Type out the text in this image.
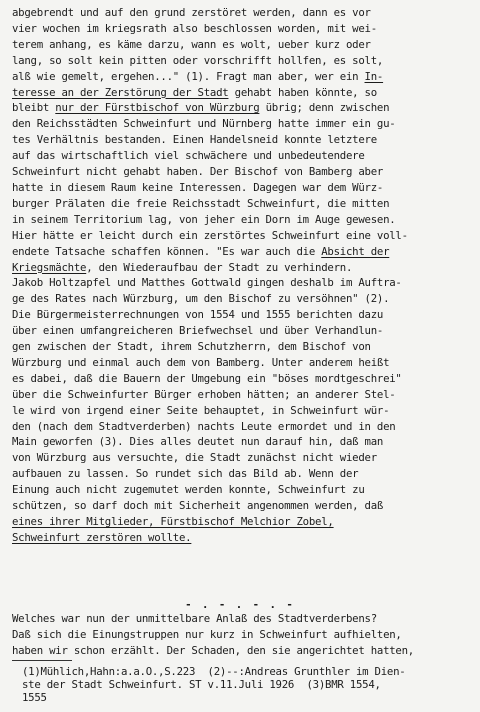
abgebrendt und auf den grund zerstöret werden, dann es vor
vier wochen im kriegsrath also beschlossen worden, mit wei-
terem anhang, es käme darzu, wann es wolt, ueber kurz oder
lang, so solt kein pitten oder vorschrifft hollfen, es solt,
alß wie gemelt, ergehen..." (1). Fragt man aber, wer ein In-
teresse an der Zerstörung der Stadt gehabt haben könnte, so
bleibt nur der Fürstbischof von Würzburg übrig; denn zwischen
den Reichsstädten Schweinfurt und Nürnberg hatte immer ein gu-
tes Verhältnis bestanden. Einen Handelsneid konnte letztere
auf das wirtschaftlich viel schwächere und unbedeutendere
Schweinfurt nicht gehabt haben. Der Bischof von Bamberg aber
hatte in diesem Raum keine Interessen. Dagegen war dem Würz-
burger Prälaten die freie Reichsstadt Schweinfurt, die mitten
in seinem Territorium lag, von jeher ein Dorn im Auge gewesen.
Hier hätte er leicht durch ein zerstörtes Schweinfurt eine voll-
endete Tatsache schaffen können. "Es war auch die Absicht der
Kriegsmächte, den Wiederaufbau der Stadt zu verhindern.
Jakob Holtzapfel und Matthes Gottwald gingen deshalb im Auftra-
ge des Rates nach Würzburg, um den Bischof zu versöhnen" (2).
Die Bürgermeisterrechnungen von 1554 und 1555 berichten dazu
über einen umfangreicheren Briefwechsel und über Verhandlun-
gen zwischen der Stadt, ihrem Schutzherrn, dem Bischof von
Würzburg und einmal auch dem von Bamberg. Unter anderem heißt
es dabei, daß die Bauern der Umgebung ein "böses mordtgeschrei"
über die Schweinfurter Bürger erhoben hätten; an anderer Stel-
le wird von irgend einer Seite behauptet, in Schweinfurt wür-
den (nach dem Stadtverderben) nachts Leute ermordet und in den
Main geworfen (3). Dies alles deutet nun darauf hin, daß man
von Würzburg aus versuchte, die Stadt zunächst nicht wieder
aufbauen zu lassen. So rundet sich das Bild ab. Wenn der
Einung auch nicht zugemutet werden konnte, Schweinfurt zu
schützen, so darf doch mit Sicherheit angenommen werden, daß
eines ihrer Mitglieder, Fürstbischof Melchior Zobel,
Schweinfurt zerstören wollte.
- . - . - . -
Welches war nun der unmittelbare Anlaß des Stadtverderbens?
Daß sich die Einungstruppen nur kurz in Schweinfurt aufhielten,
haben wir schon erzählt. Der Schaden, den sie angerichtet hatten,
(1)Mühlich,Hahn:a.a.O.,S.223  (2)--:Andreas Grunthler im Dien-
ste der Stadt Schweinfurt. ST v.11.Juli 1926  (3)BMR 1554,
1555
